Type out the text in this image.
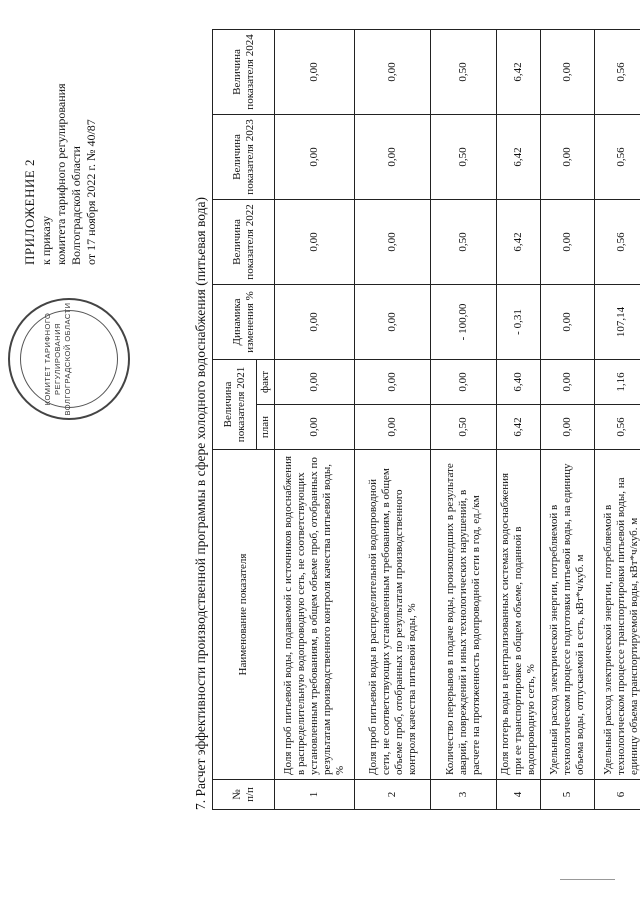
КОМИТЕТ ТАРИФНОГО РЕГУЛИРОВАНИЯ ВОЛГОГРАДСКОЙ ОБЛАСТИ
ПРИЛОЖЕНИЕ 2 к приказу комитета тарифного регулирования Волгоградской области от 17 ноября 2022 г. № 40/87
7. Расчет эффективности производственной программы в сфере холодного водоснабжения (питьевая вода) № п/п	Наименование показателя	Величина показателя 2021		Динамика изменения %	Величина показателя 2022	Величина показателя 2023	Величина показателя 2024
		план	факт				
1	Доля проб питьевой воды, подаваемой с источников водоснабжения в распределительную водопроводную сеть, не соответствующих установленным требованиям, в общем объеме проб, отобранных по результатам производственного контроля качества питьевой воды, %	0,00	0,00	0,00	0,00	0,00	0,00
2	Доля проб питьевой воды в распределительной водопроводной сети, не соответствующих установленным требованиям, в общем объеме проб, отобранных по результатам производственного контроля качества питьевой воды, %	0,00	0,00	0,00	0,00	0,00	0,00
3	Количество перерывов в подаче воды, произошедших в результате аварий, повреждений и иных технологических нарушений, в расчете на протяженность водопроводной сети в год, ед./км	0,50	0,00	- 100,00	0,50	0,50	0,50
4	Доля потерь воды в централизованных системах водоснабжения при ее транспортировке в общем объеме, поданной в водопроводную сеть, %	6,42	6,40	- 0,31	6,42	6,42	6,42
5	Удельный расход электрической энергии, потребляемой в технологическом процессе подготовки питьевой воды, на единицу объема воды, отпускаемой в сеть, кВт*ч/куб. м	0,00	0,00	0,00	0,00	0,00	0,00
6	Удельный расход электрической энергии, потребляемой в технологическом процессе транспортировки питьевой воды, на единицу объема транспортируемой воды, кВт*ч/куб. м	0,56	1,16	107,14	0,56	0,56	0,56
